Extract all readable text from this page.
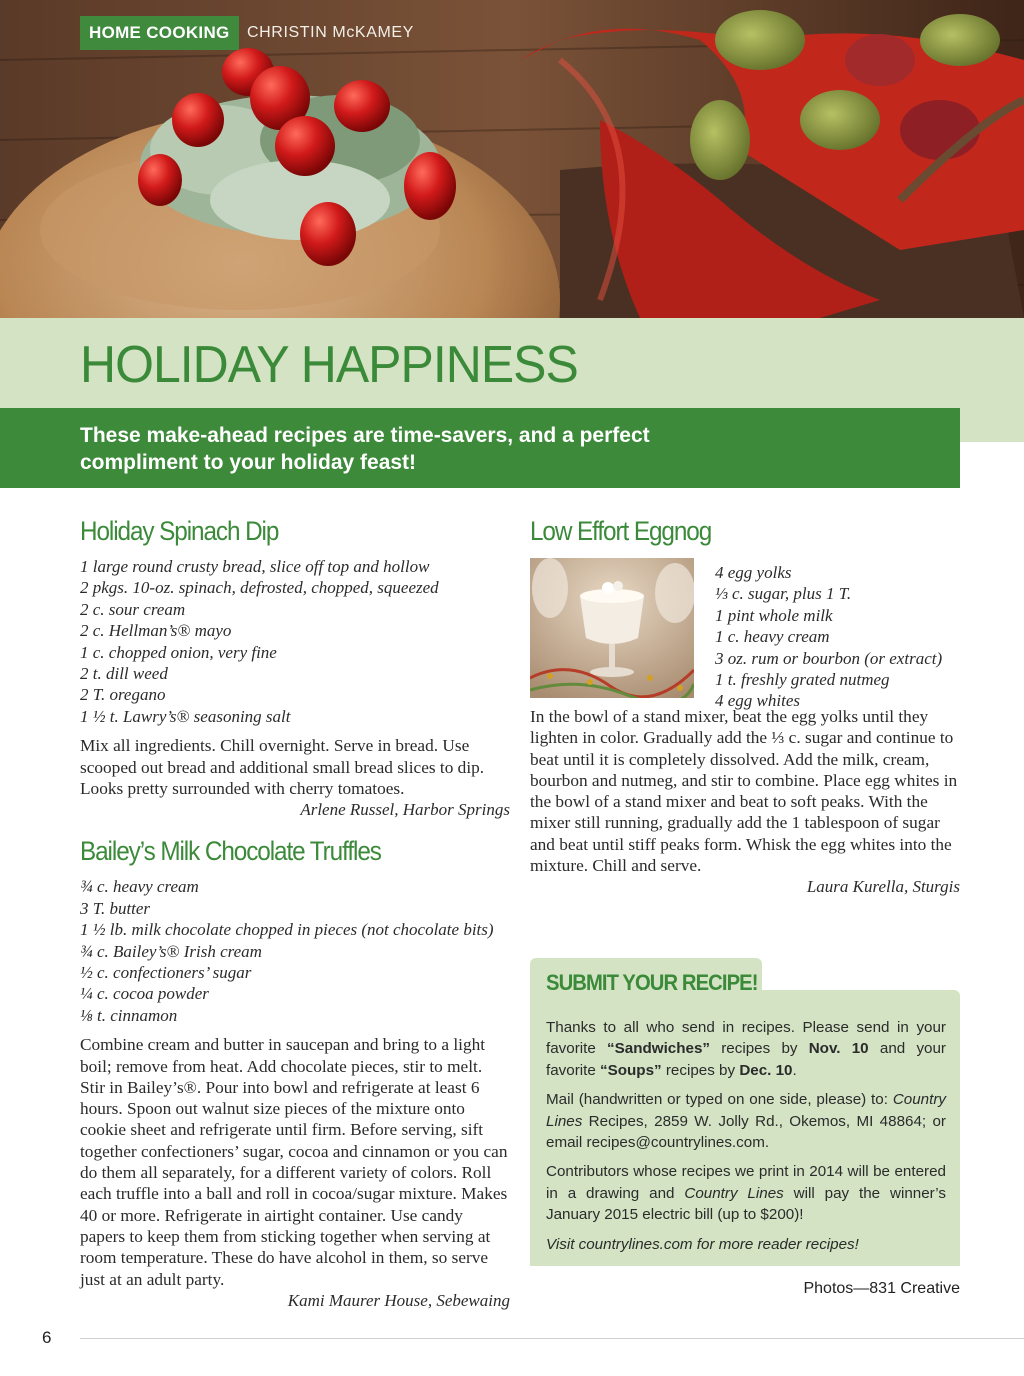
HOME COOKING	CHRISTIN McKAMEY
HOLIDAY HAPPINESS
These make-ahead recipes are time-savers, and a perfect compliment to your holiday feast!
Holiday Spinach Dip
1 large round crusty bread, slice off top and hollow
2 pkgs. 10-oz. spinach, defrosted, chopped, squeezed
2 c. sour cream
2 c. Hellman’s® mayo
1 c. chopped onion, very fine
2 t. dill weed
2 T. oregano
1 ½ t. Lawry’s® seasoning salt

Mix all ingredients. Chill overnight. Serve in bread. Use scooped out bread and additional small bread slices to dip. Looks pretty surrounded with cherry tomatoes.

Arlene Russel, Harbor Springs
Bailey’s Milk Chocolate Truffles
¾ c. heavy cream
3 T. butter
1 ½ lb. milk chocolate chopped in pieces (not chocolate bits)
¾ c. Bailey’s® Irish cream
½ c. confectioners’ sugar
¼ c. cocoa powder
⅛ t. cinnamon

Combine cream and butter in saucepan and bring to a light boil; remove from heat. Add chocolate pieces, stir to melt. Stir in Bailey’s®. Pour into bowl and refrigerate at least 6 hours. Spoon out walnut size pieces of the mixture onto cookie sheet and refrigerate until firm. Before serving, sift together confectioners’ sugar, cocoa and cinnamon or you can do them all separately, for a different variety of colors. Roll each truffle into a ball and roll in cocoa/sugar mixture. Makes 40 or more. Refrigerate in airtight container. Use candy papers to keep them from sticking together when serving at room temperature. These do have alcohol in them, so serve just at an adult party.

Kami Maurer House, Sebewaing
Low Effort Eggnog
4 egg yolks
⅓ c. sugar, plus 1 T.
1 pint whole milk
1 c. heavy cream
3 oz. rum or bourbon (or extract)
1 t. freshly grated nutmeg
4 egg whites

In the bowl of a stand mixer, beat the egg yolks until they lighten in color. Gradually add the ⅓ c. sugar and continue to beat until it is completely dissolved. Add the milk, cream, bourbon and nutmeg, and stir to combine. Place egg whites in the bowl of a stand mixer and beat to soft peaks. With the mixer still running, gradually add the 1 tablespoon of sugar and beat until stiff peaks form. Whisk the egg whites into the mixture. Chill and serve.

Laura Kurella, Sturgis
SUBMIT YOUR RECIPE!

Thanks to all who send in recipes. Please send in your favorite “Sandwiches” recipes by Nov. 10 and your favorite “Soups” recipes by Dec. 10.

Mail (handwritten or typed on one side, please) to: Country Lines Recipes, 2859 W. Jolly Rd., Okemos, MI 48864; or email recipes@countrylines.com.

Contributors whose recipes we print in 2014 will be entered in a drawing and Country Lines will pay the winner’s January 2015 electric bill (up to $200)!

Visit countrylines.com for more reader recipes!

Photos—831 Creative
6
